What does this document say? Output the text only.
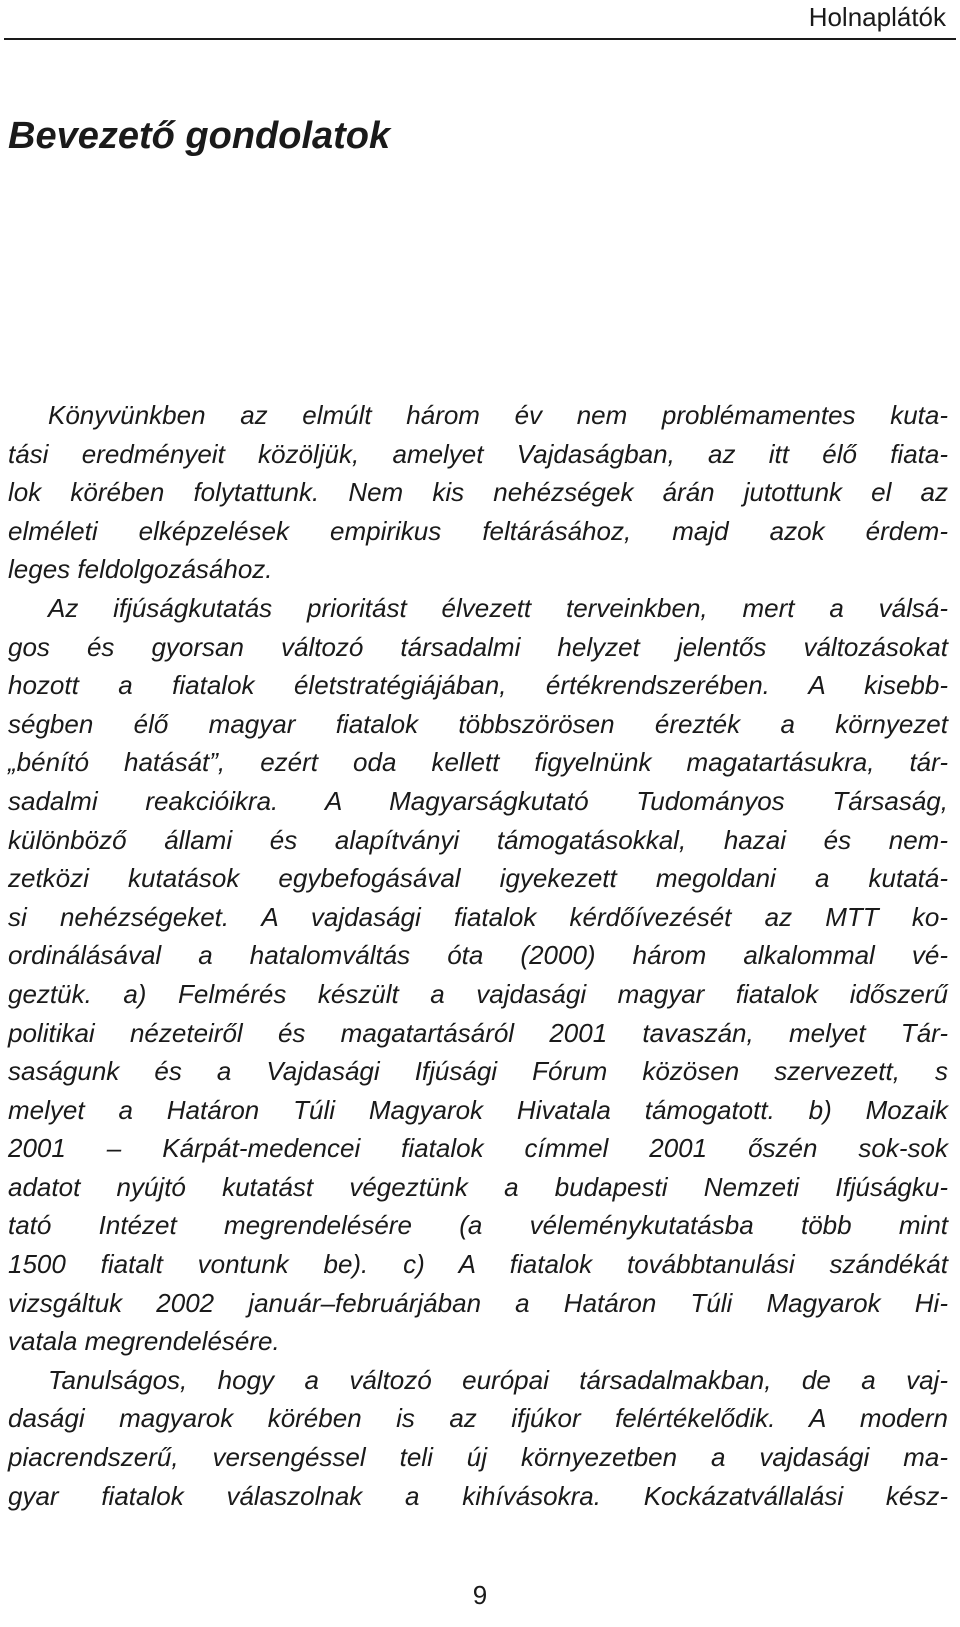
Holnaplátók
Bevezető gondolatok
Könyvünkben az elmúlt három év nem problémamentes kuta-
tási eredményeit közöljük, amelyet Vajdaságban, az itt élő fiata-
lok körében folytattunk. Nem kis nehézségek árán jutottunk el az
elméleti elképzelések empirikus feltárásához, majd azok érdem-
leges feldolgozásához.
Az ifjúságkutatás prioritást élvezett terveinkben, mert a válsá-
gos és gyorsan változó társadalmi helyzet jelentős változásokat
hozott a fiatalok életstratégiájában, értékrendszerében. A kisebb-
ségben élő magyar fiatalok többszörösen érezték a környezet
„bénító hatását”, ezért oda kellett figyelnünk magatartásukra, tár-
sadalmi reakcióikra. A Magyarságkutató Tudományos Társaság,
különböző állami és alapítványi támogatásokkal, hazai és nem-
zetközi kutatások egybefogásával igyekezett megoldani a kutatá-
si nehézségeket. A vajdasági fiatalok kérdőívezését az MTT ko-
ordinálásával a hatalomváltás óta (2000) három alkalommal vé-
geztük. a) Felmérés készült a vajdasági magyar fiatalok időszerű
politikai nézeteiről és magatartásáról 2001 tavaszán, melyet Tár-
saságunk és a Vajdasági Ifjúsági Fórum közösen szervezett, s
melyet a Határon Túli Magyarok Hivatala támogatott. b) Mozaik
2001 – Kárpát-medencei fiatalok címmel 2001 őszén sok-sok
adatot nyújtó kutatást végeztünk a budapesti Nemzeti Ifjúságku-
tató Intézet megrendelésére (a véleménykutatásba több mint
1500 fiatalt vontunk be). c) A fiatalok továbbtanulási szándékát
vizsgáltuk 2002 január–februárjában a Határon Túli Magyarok Hi-
vatala megrendelésére.
Tanulságos, hogy a változó európai társadalmakban, de a vaj-
dasági magyarok körében is az ifjúkor felértékelődik. A modern
piacrendszerű, versengéssel teli új környezetben a vajdasági ma-
gyar fiatalok válaszolnak a kihívásokra. Kockázatvállalási kész-
9
